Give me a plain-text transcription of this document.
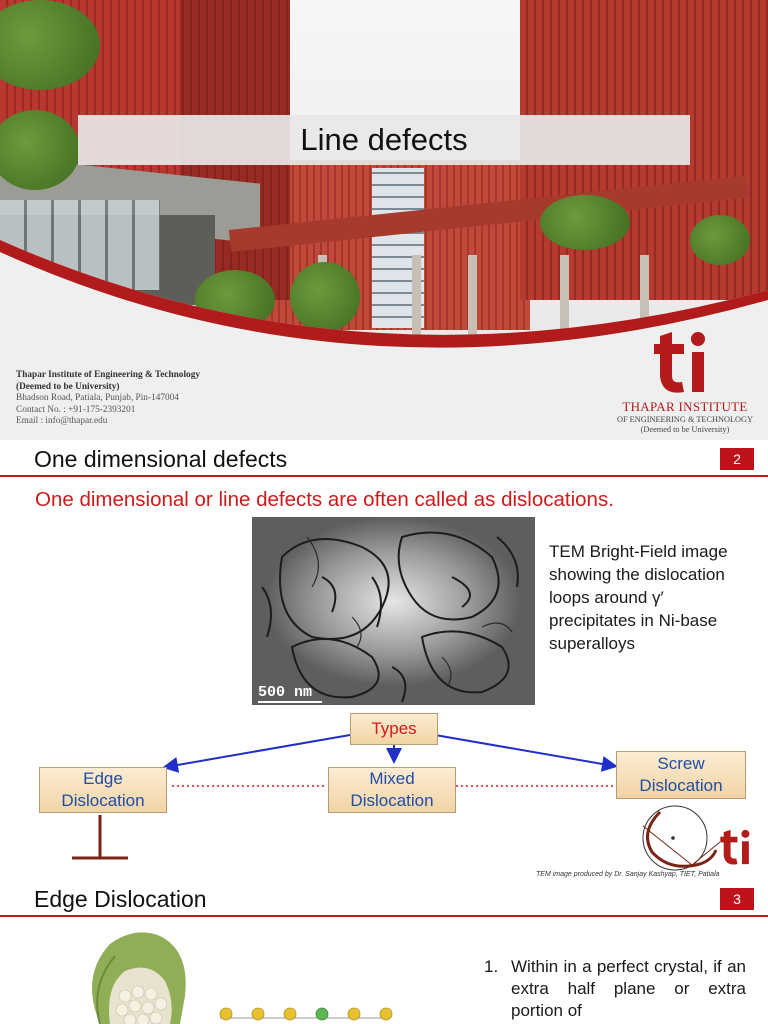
Line defects
Thapar Institute of Engineering & Technology
(Deemed to be University)
Bhadson Road, Patiala, Punjab, Pin-147004
Contact No. : +91-175-2393201
Email : info@thapar.edu
THAPAR INSTITUTE
OF ENGINEERING & TECHNOLOGY
(Deemed to be University)
One dimensional defects	2
One dimensional or line defects are often called as dislocations.
500 nm
TEM Bright-Field image showing the dislocation loops around γ′ precipitates in Ni-base superalloys
Types
Edge Dislocation
Mixed Dislocation
Screw Dislocation
TEM image produced by Dr. Sanjay Kashyap, TIET, Patiala
Edge Dislocation	3
1. Within in a perfect crystal, if an extra half plane or extra portion of
